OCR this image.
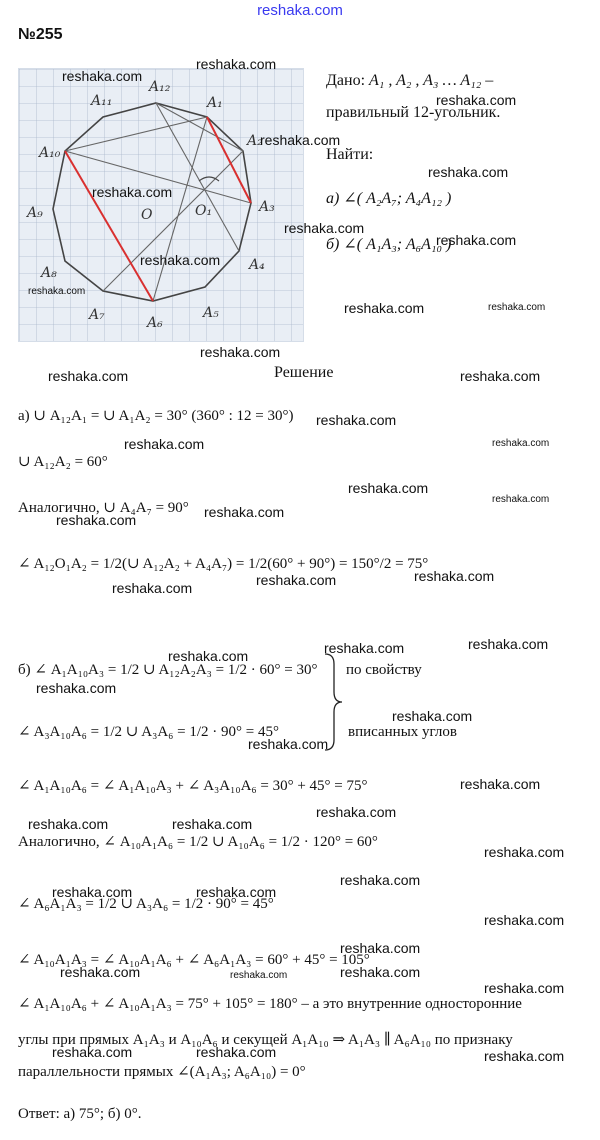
reshaka.com
№255
A₁₁
A₁₂
A₁
A₂
A₁₀
A₃
A₉
A₄
A₈
A₇	A₆
A₅
O	O₁
Дано: A₁ , A₂ , A₃ … A₁₂ –
правильный 12-угольник.
Найти:
а) ∠( A₂A₇; A₄A₁₂ )
б) ∠( A₁A₃; A₆A₁₀ )
Решение
а) ∪ A₁₂A₁ = ∪ A₁A₂ = 30° (360° : 12 = 30°)
∪ A₁₂A₂ = 60°
Аналогично, ∪ A₄A₇ = 90°
∠ A₁₂O₁A₂ = 1/2(∪ A₁₂A₂ + A₄A₇) = 1/2(60° + 90°) = 150°/2 = 75°
б) ∠ A₁A₁₀A₃ = 1/2 ∪ A₁₂A₂A₃ = 1/2 · 60° = 30°
∠ A₃A₁₀A₆ = 1/2 ∪ A₃A₆ = 1/2 · 90° = 45°
по свойству
вписанных углов
∠ A₁A₁₀A₆ = ∠ A₁A₁₀A₃ + ∠ A₃A₁₀A₆ = 30° + 45° = 75°
Аналогично, ∠ A₁₀A₁A₆ = 1/2 ∪ A₁₀A₆ = 1/2 · 120° = 60°
∠ A₆A₁A₃ = 1/2 ∪ A₃A₆ = 1/2 · 90° = 45°
∠ A₁₀A₁A₃ = ∠ A₁₀A₁A₆ + ∠ A₆A₁A₃ = 60° + 45° = 105°
∠ A₁A₁₀A₆ + ∠ A₁₀A₁A₃ = 75° + 105° = 180° – а это внутренние односторонние
углы при прямых A₁A₃ и A₁₀A₆ и секущей A₁A₁₀ ⇒ A₁A₃ ∥ A₆A₁₀ по признаку
параллельности прямых ∠(A₁A₃; A₆A₁₀) = 0°
Ответ: а) 75°; б) 0°.
reshaka.com
reshaka.com
reshaka.com
reshaka.com
reshaka.com
reshaka.com
reshaka.com
reshaka.com
reshaka.com
reshaka.com
reshaka.com	reshaka.com
reshaka.com
reshaka.com	reshaka.com
reshaka.com
reshaka.com	reshaka.com
reshaka.com
reshaka.com
reshaka.com
reshaka.com
reshaka.com	reshaka.com
reshaka.com
reshaka.com	reshaka.com
reshaka.com
reshaka.com
reshaka.com
reshaka.com
reshaka.com
reshaka.com
reshaka.com	reshaka.com
reshaka.com
reshaka.com
reshaka.com	reshaka.com
reshaka.com
reshaka.com
reshaka.com	reshaka.com	reshaka.com
reshaka.com
reshaka.com
reshaka.com	reshaka.com
